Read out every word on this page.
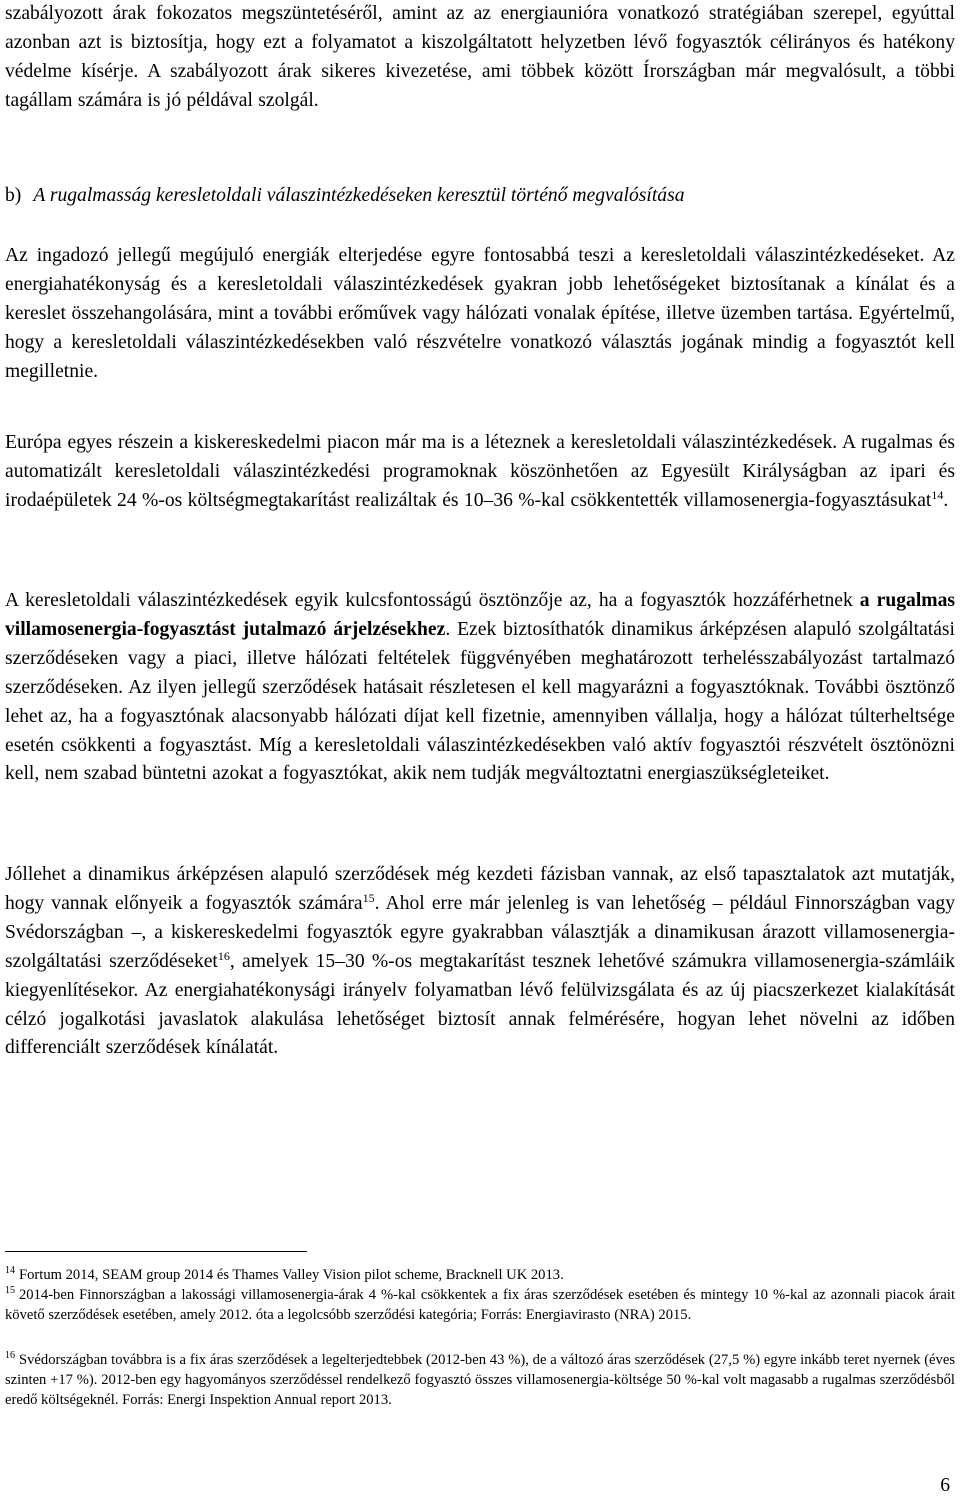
szabályozott árak fokozatos megszüntetéséről, amint az az energiaunióra vonatkozó stratégiában szerepel, egyúttal azonban azt is biztosítja, hogy ezt a folyamatot a kiszolgáltatott helyzetben lévő fogyasztók célirányos és hatékony védelme kísérje. A szabályozott árak sikeres kivezetése, ami többek között Írországban már megvalósult, a többi tagállam számára is jó példával szolgál.

b) A rugalmasság keresletoldali válaszintézkedéseken keresztül történő megvalósítása

Az ingadozó jellegű megújuló energiák elterjedése egyre fontosabbá teszi a keresletoldali válaszintézkedéseket. Az energiahatékonyság és a keresletoldali válaszintézkedések gyakran jobb lehetőségeket biztosítanak a kínálat és a kereslet összehangolására, mint a további erőművek vagy hálózati vonalak építése, illetve üzemben tartása. Egyértelmű, hogy a keresletoldali válaszintézkedésekben való részvételre vonatkozó választás jogának mindig a fogyasztót kell megilletnie.

Európa egyes részein a kiskereskedelmi piacon már ma is a léteznek a keresletoldali válaszintézkedések. A rugalmas és automatizált keresletoldali válaszintézkedési programoknak köszönhetően az Egyesült Királyságban az ipari és irodaépületek 24 %-os költségmegtakarítást realizáltak és 10–36 %-kal csökkentették villamosenergia-fogyasztásukat$^{14}$.

A keresletoldali válaszintézkedések egyik kulcsfontosságú ösztönzője az, ha a fogyasztók hozzáférhetnek a rugalmas villamosenergia-fogyasztást jutalmazó árjelzésekhez. Ezek biztosíthatók dinamikus árképzésen alapuló szolgáltatási szerződéseken vagy a piaci, illetve hálózati feltételek függvényében meghatározott terhelésszabályozást tartalmazó szerződéseken. Az ilyen jellegű szerződések hatásait részletesen el kell magyarázni a fogyasztóknak. További ösztönző lehet az, ha a fogyasztónak alacsonyabb hálózati díjat kell fizetnie, amennyiben vállalja, hogy a hálózat túlterheltsége esetén csökkenti a fogyasztást. Míg a keresletoldali válaszintézkedésekben való aktív fogyasztói részvételt ösztönözni kell, nem szabad büntetni azokat a fogyasztókat, akik nem tudják megváltoztatni energiaszükségleteiket.

Jóllehet a dinamikus árképzésen alapuló szerződések még kezdeti fázisban vannak, az első tapasztalatok azt mutatják, hogy vannak előnyeik a fogyasztók számára$^{15}$. Ahol erre már jelenleg is van lehetőség – például Finnországban vagy Svédországban –, a kiskereskedelmi fogyasztók egyre gyakrabban választják a dinamikusan árazott villamosenergia-szolgáltatási szerződéseket$^{16}$, amelyek 15–30 %-os megtakarítást tesznek lehetővé számukra villamosenergia-számláik kiegyenlítésekor. Az energiahatékonysági irányelv folyamatban lévő felülvizsgálata és az új piacszerkezet kialakítását célzó jogalkotási javaslatok alakulása lehetőséget biztosít annak felmérésére, hogyan lehet növelni az időben differenciált szerződések kínálatát.

$^{14}$ Fortum 2014, SEAM group 2014 és Thames Valley Vision pilot scheme, Bracknell UK 2013.

$^{15}$ 2014-ben Finnországban a lakossági villamosenergia-árak 4 %-kal csökkentek a fix áras szerződések esetében és mintegy 10 %-kal az azonnali piacok árait követő szerződések esetében, amely 2012. óta a legolcsóbb szerződési kategória; Forrás: Energiavirasto (NRA) 2015.

$^{16}$ Svédországban továbbra is a fix áras szerződések a legelterjedtebbek (2012-ben 43 %), de a változó áras szerződések (27,5 %) egyre inkább teret nyernek (éves szinten +17 %). 2012-ben egy hagyományos szerződéssel rendelkező fogyasztó összes villamosenergia-költsége 50 %-kal volt magasabb a rugalmas szerződésből eredő költségeknél. Forrás: Energi Inspektion Annual report 2013.

6
